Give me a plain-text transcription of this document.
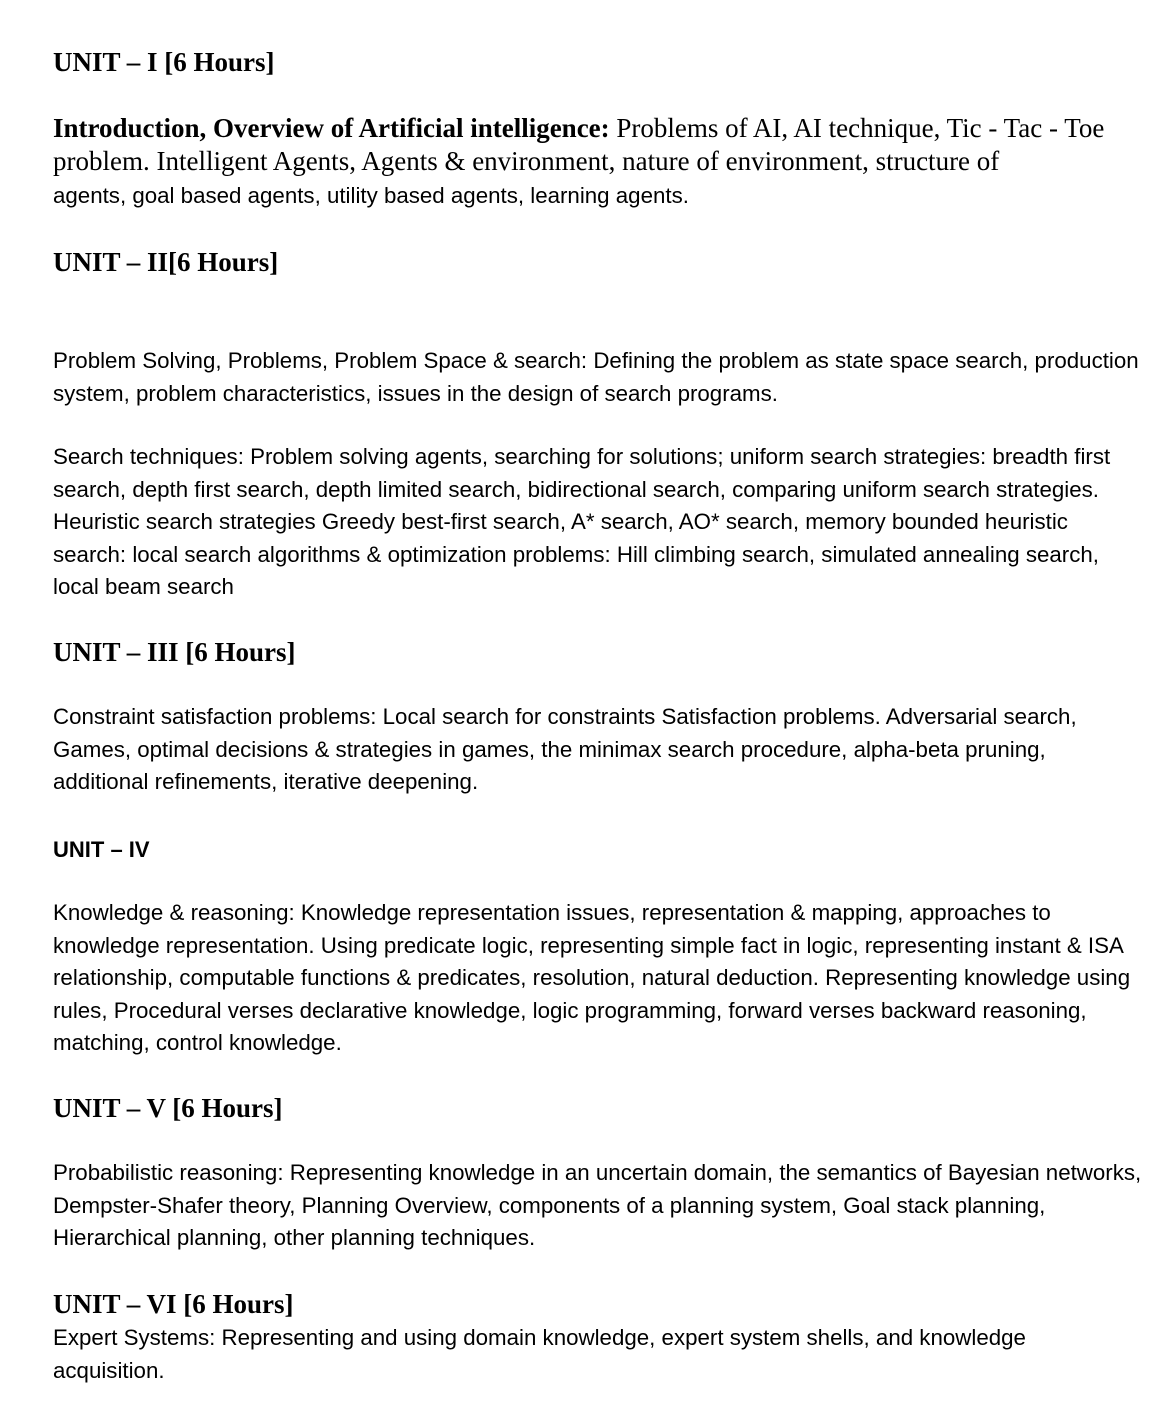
UNIT – I [6 Hours]

Introduction, Overview of Artificial intelligence: Problems of AI, AI technique, Tic - Tac - Toe problem. Intelligent Agents, Agents & environment, nature of environment, structure of

agents, goal based agents, utility based agents, learning agents.

UNIT – II[6 Hours]

Problem Solving, Problems, Problem Space & search: Defining the problem as state space search, production system, problem characteristics, issues in the design of search programs.

Search techniques: Problem solving agents, searching for solutions; uniform search strategies: breadth first search, depth first search, depth limited search, bidirectional search, comparing uniform search strategies. Heuristic search strategies Greedy best-first search, A* search, AO* search, memory bounded heuristic search: local search algorithms & optimization problems: Hill climbing search, simulated annealing search, local beam search

UNIT – III [6 Hours]

Constraint satisfaction problems: Local search for constraints Satisfaction problems. Adversarial search, Games, optimal decisions & strategies in games, the minimax search procedure, alpha-beta pruning, additional refinements, iterative deepening.

UNIT – IV

Knowledge & reasoning: Knowledge representation issues, representation & mapping, approaches to knowledge representation. Using predicate logic, representing simple fact in logic, representing instant & ISA relationship, computable functions & predicates, resolution, natural deduction. Representing knowledge using rules, Procedural verses declarative knowledge, logic programming, forward verses backward reasoning, matching, control knowledge.

UNIT – V [6 Hours]

Probabilistic reasoning: Representing knowledge in an uncertain domain, the semantics of Bayesian networks, Dempster-Shafer theory, Planning Overview, components of a planning system, Goal stack planning, Hierarchical planning, other planning techniques.

UNIT – VI [6 Hours]

Expert Systems: Representing and using domain knowledge, expert system shells, and knowledge acquisition.
